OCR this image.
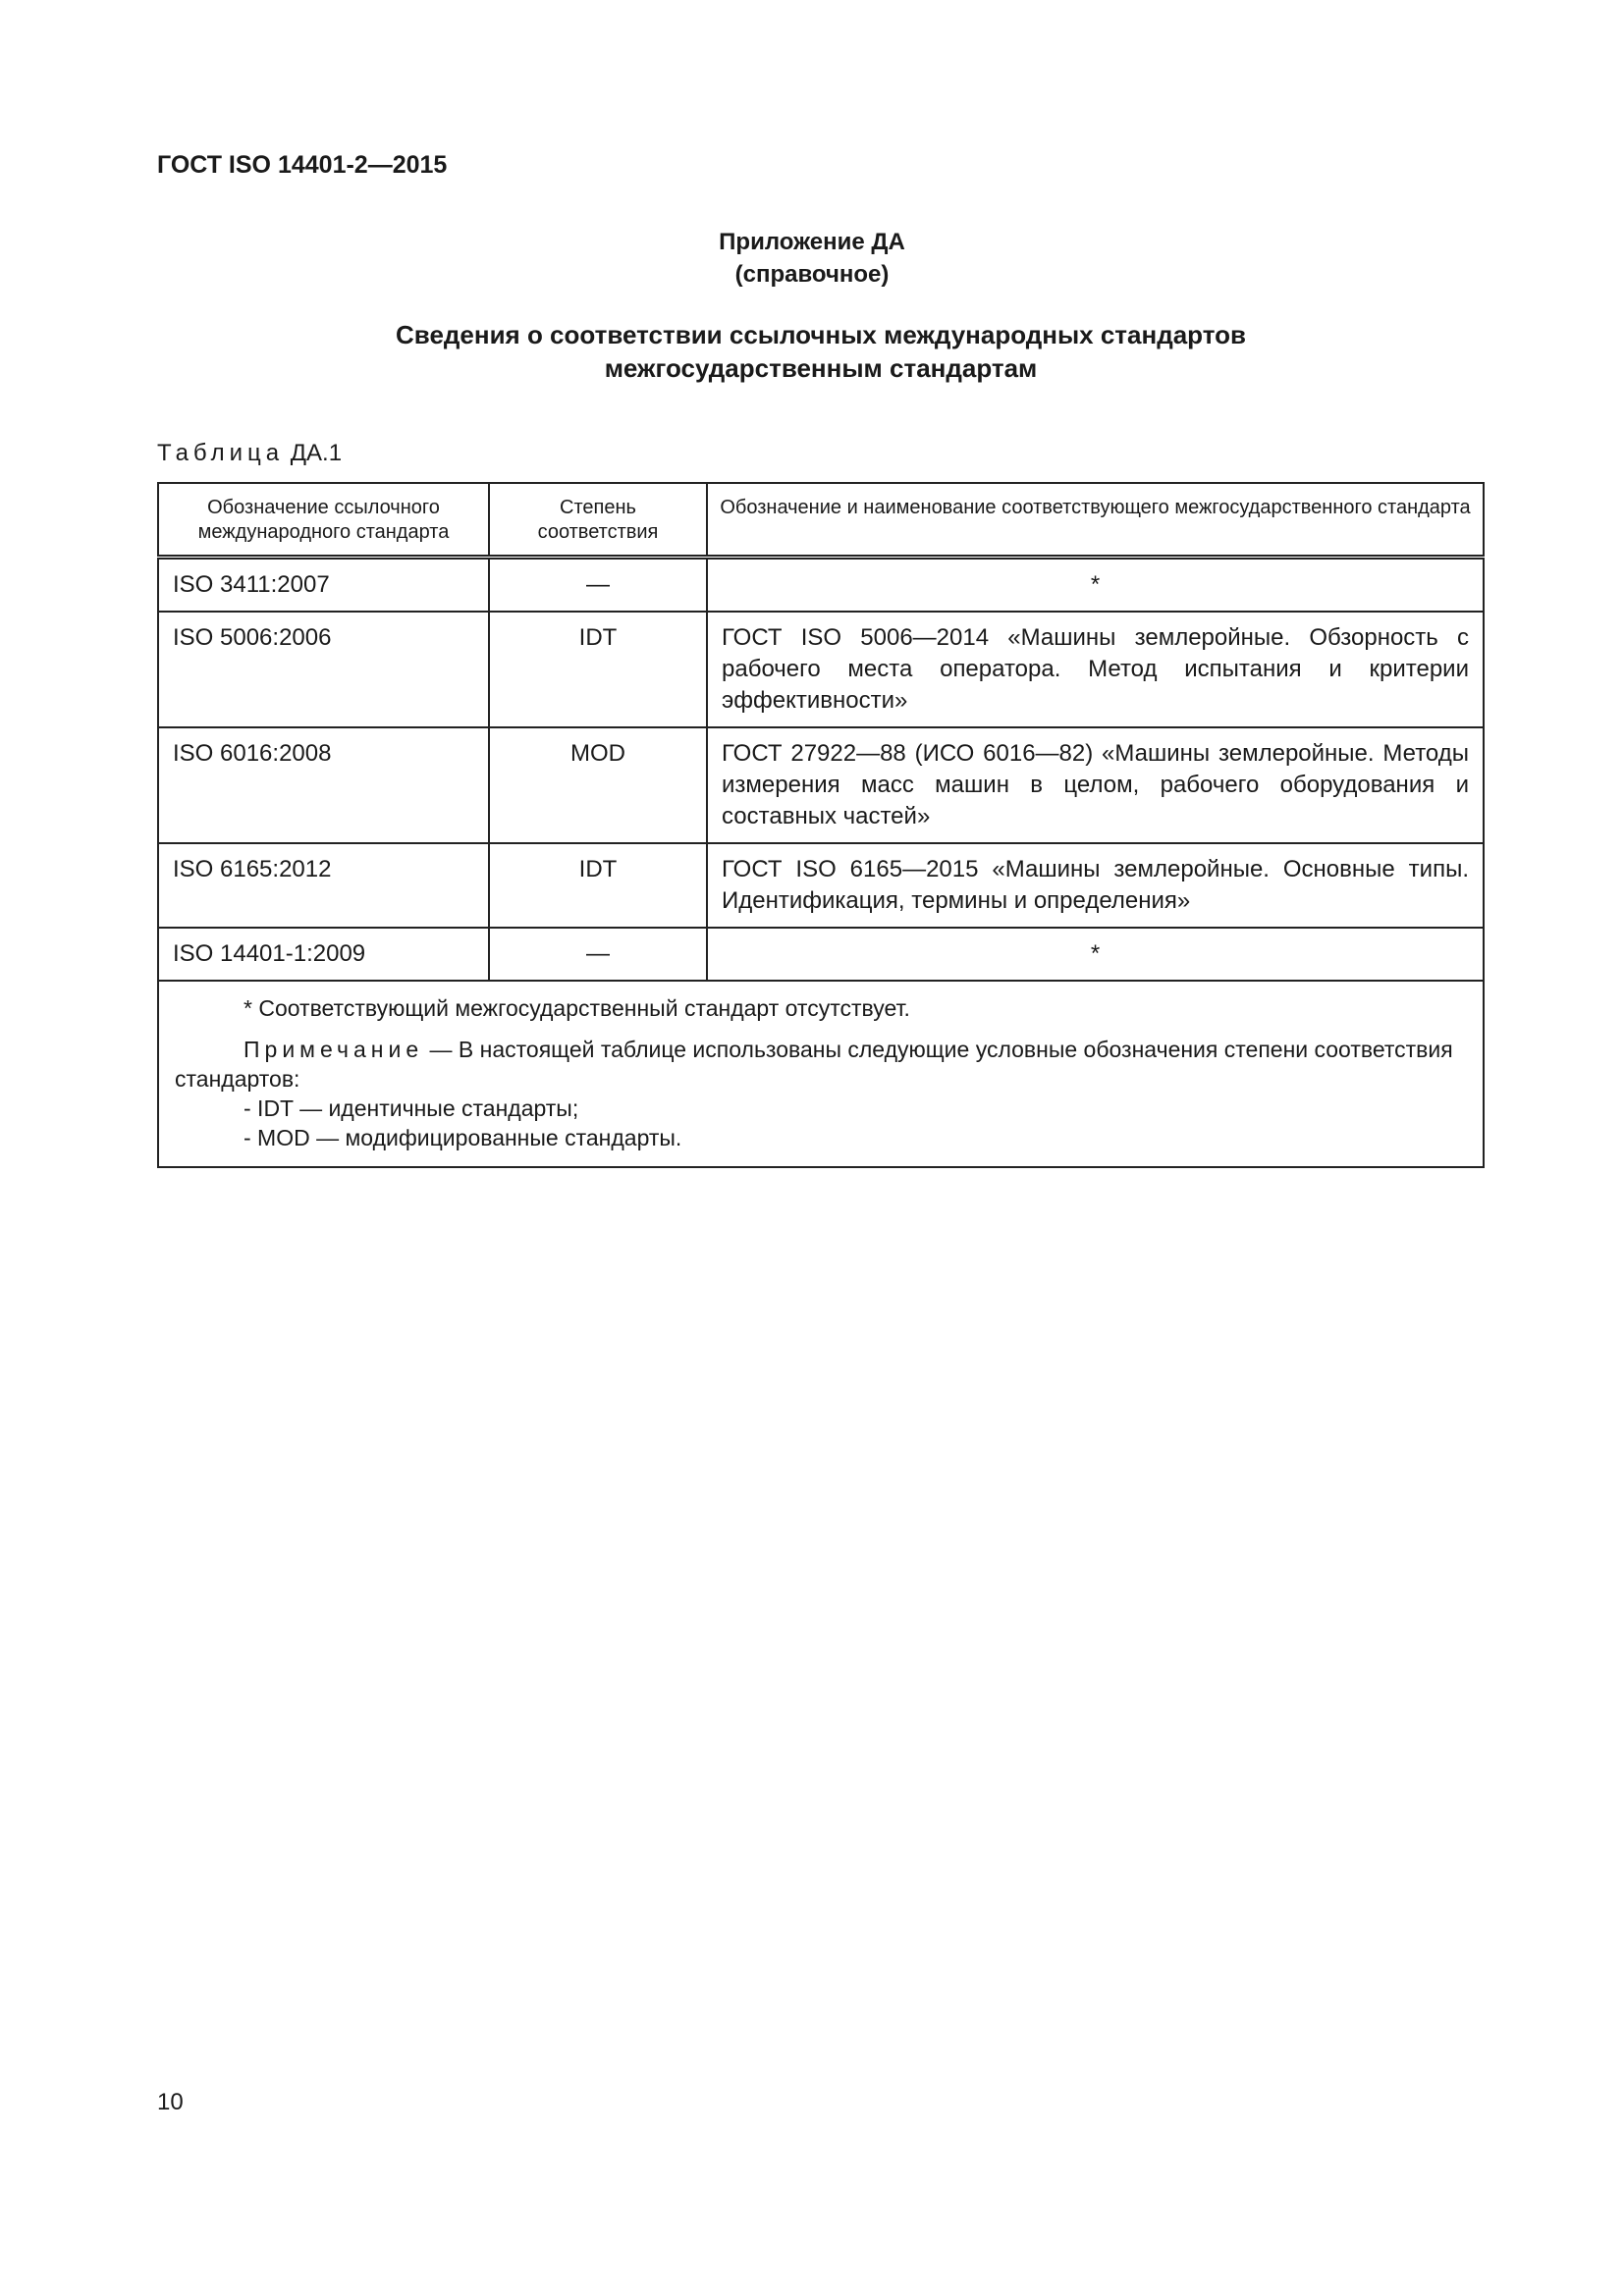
ГОСТ ISO 14401-2—2015
Приложение ДА
(справочное)
Сведения о соответствии ссылочных международных стандартов
межгосударственным стандартам
Таблица ДА.1
Обозначение ссылочного международного стандарта	Степень соответствия	Обозначение и наименование соответствующего межгосударственного стандарта
ISO 3411:2007	—	*
ISO 5006:2006	IDT	ГОСТ ISO 5006—2014 «Машины землеройные. Обзорность с рабочего места оператора. Метод испытания и критерии эффективности»
ISO 6016:2008	MOD	ГОСТ 27922—88 (ИСО 6016—82) «Машины землеройные. Методы измерения масс машин в целом, рабочего оборудования и составных частей»
ISO 6165:2012	IDT	ГОСТ ISO 6165—2015 «Машины землеройные. Основные типы. Идентификация, термины и определения»
ISO 14401-1:2009	—	*

* Соответствующий межгосударственный стандарт отсутствует.

Примечание — В настоящей таблице использованы следующие условные обозначения степени соответствия стандартов:

- IDT — идентичные стандарты;

- MOD — модифицированные стандарты.		

10
